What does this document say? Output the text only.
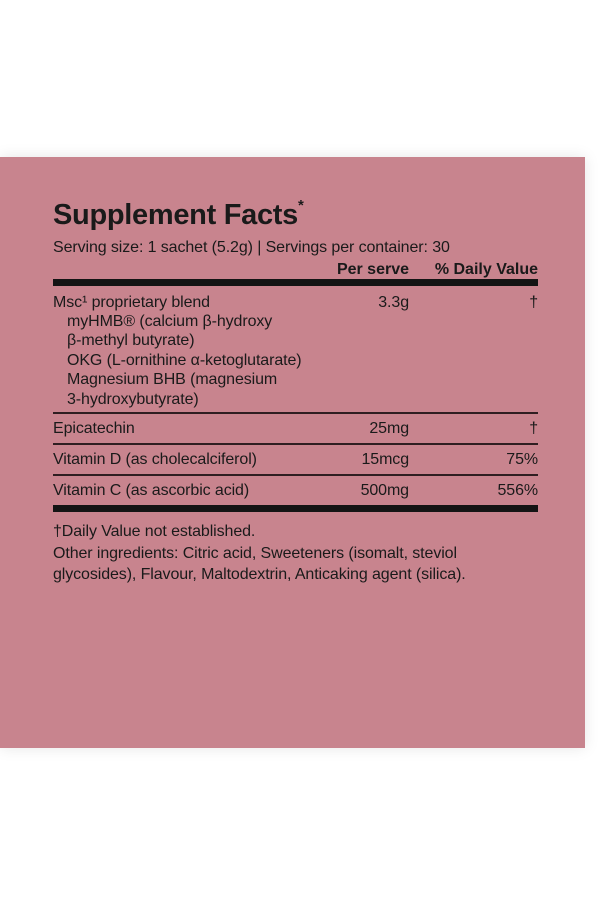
Supplement Facts*
Serving size: 1 sachet (5.2g) | Servings per container: 30
Per serve	% Daily Value
Msc¹ proprietary blend	3.3g	†
myHMB® (calcium β-hydroxy
β-methyl butyrate)
OKG (L-ornithine α-ketoglutarate)
Magnesium BHB (magnesium
3-hydroxybutyrate)
Epicatechin	25mg	†
Vitamin D (as cholecalciferol)	15mcg	75%
Vitamin C (as ascorbic acid)	500mg	556%
†Daily Value not established.
Other ingredients: Citric acid, Sweeteners (isomalt, steviol glycosides), Flavour, Maltodextrin, Anticaking agent (silica).
